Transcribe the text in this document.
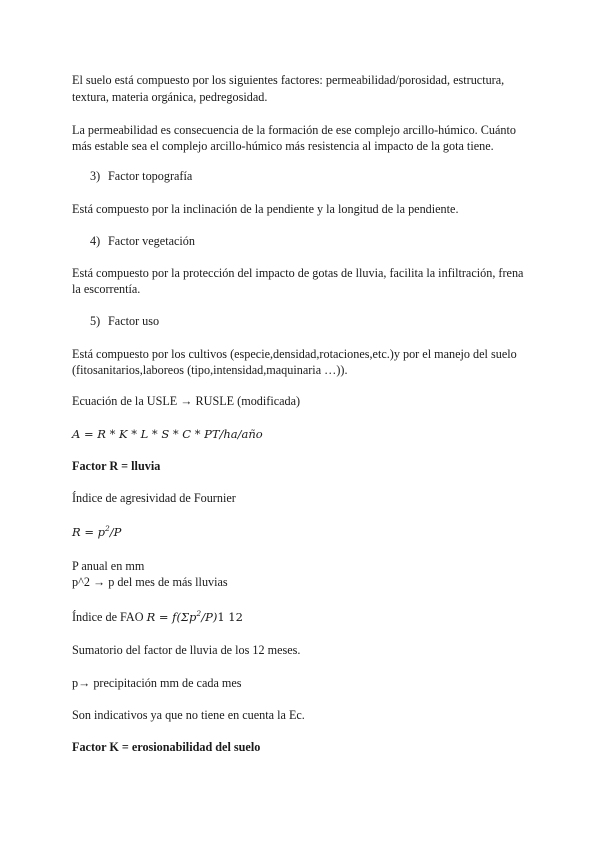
El suelo está compuesto por los siguientes factores: permeabilidad/porosidad, estructura,
textura, materia orgánica, pedregosidad.
La permeabilidad es consecuencia de la formación de ese complejo arcillo-húmico. Cuánto
más estable sea el complejo arcillo-húmico más resistencia al impacto de la gota tiene.
3) Factor topografía
Está compuesto por la inclinación de la pendiente y la longitud de la pendiente.
4) Factor vegetación
Está compuesto por la protección del impacto de gotas de lluvia, facilita la infiltración, frena
la escorrentía.
5) Factor uso
Está compuesto por los cultivos (especie,densidad,rotaciones,etc.)y por el manejo del suelo
(fitosanitarios,laboreos (tipo,intensidad,maquinaria …)).
Ecuación de la USLE → RUSLE (modificada)
A = R * K * L * S * C * PT/ha/año
Factor R = lluvia
Índice de agresividad de Fournier
$R = p^2/P$
P anual en mm
p^2 → p del mes de más lluvias
Índice de FAO $R = f(\Sigma p^2/P)1$ 12
Sumatorio del factor de lluvia de los 12 meses.
p→ precipitación mm de cada mes
Son indicativos ya que no tiene en cuenta la Ec.
Factor K = erosionabilidad del suelo
